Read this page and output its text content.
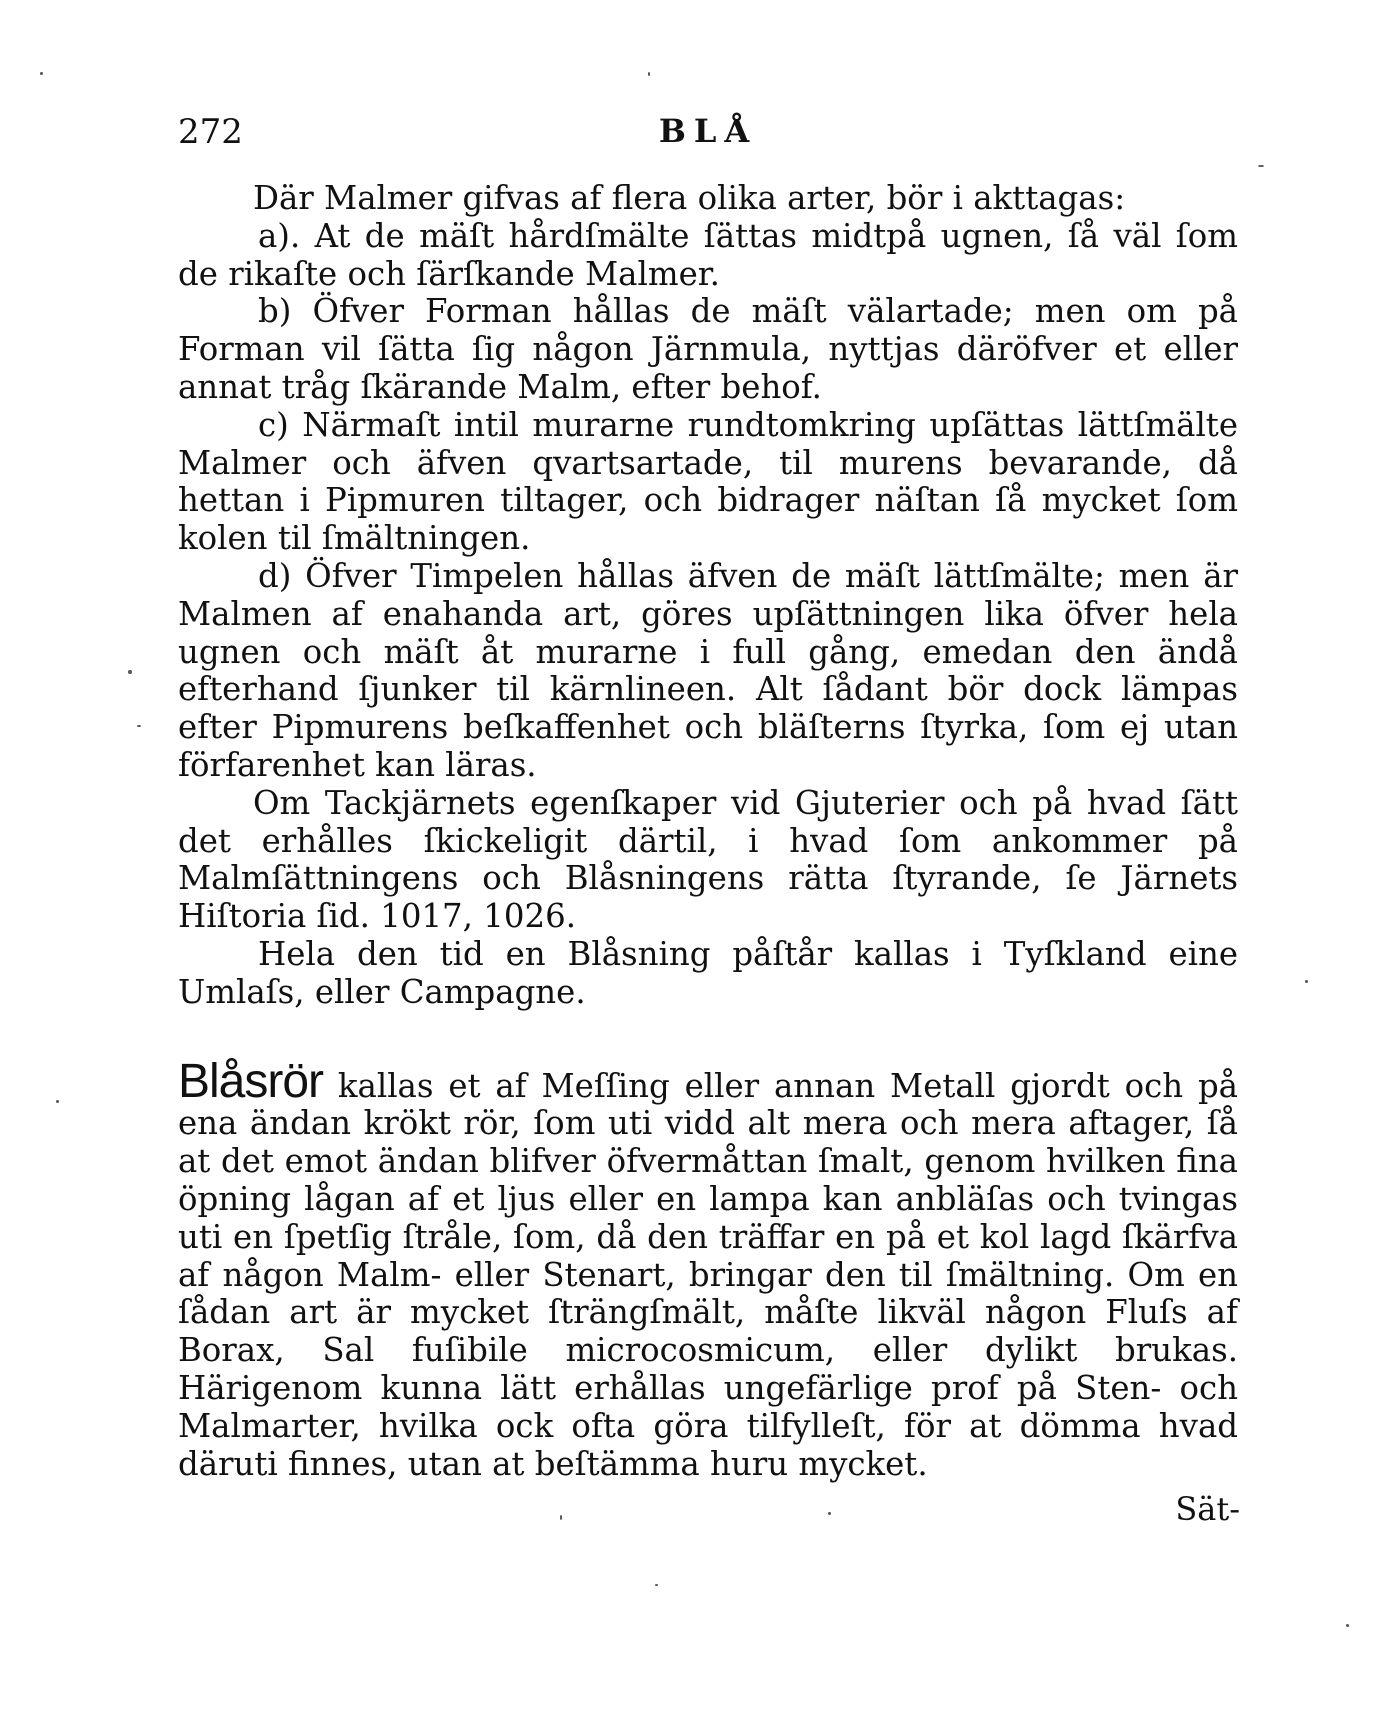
272	BLÅ

Där Malmer gifvas af flera olika arter, bör i akttagas:

a). At de mäſt hårdſmälte ſättas midtpå ugnen, ſå väl ſom de rikaſte och ſärſkande Malmer.

b) Öfver Forman hållas de mäſt välartade; men om på Forman vil ſätta ſig någon Järnmula, nyttjas däröfver et eller annat tråg ſkärande Malm, efter behof.

c) Närmaſt intil murarne rundtomkring upſättas lättſmälte Malmer och äfven qvartsartade, til murens bevarande, då hettan i Pipmuren tiltager, och bidrager näſtan ſå mycket ſom kolen til ſmältningen.

d) Öfver Timpelen hållas äfven de mäſt lättſmälte; men är Malmen af enahanda art, göres upſättningen lika öfver hela ugnen och mäſt åt murarne i full gång, emedan den ändå efterhand ſjunker til kärnlineen. Alt ſådant bör dock lämpas efter Pipmurens beſkaffenhet och bläſterns ſtyrka, ſom ej utan förfarenhet kan läras.

Om Tackjärnets egenſkaper vid Gjuterier och på hvad ſätt det erhålles ſkickeligit därtil, i hvad ſom ankommer på Malmſättningens och Blåsningens rätta ſtyrande, ſe Järnets Hiſtoria ſid. 1017, 1026.

Hela den tid en Blåsning påſtår kallas i Tyſkland eine Umlaſs, eller Campagne.

Blåsrör kallas et af Meſſing eller annan Metall gjordt och på ena ändan krökt rör, ſom uti vidd alt mera och mera aftager, ſå at det emot ändan blifver öfvermåttan ſmalt, genom hvilken fina öpning lågan af et ljus eller en lampa kan anbläſas och tvingas uti en ſpetſig ſtråle, ſom, då den träffar en på et kol lagd ſkärfva af någon Malm- eller Stenart, bringar den til ſmältning. Om en ſådan art är mycket ſträngſmält, måſte likväl någon Fluſs af Borax, Sal fuſibile microcosmicum, eller dylikt brukas. Härigenom kunna lätt erhållas ungefärlige prof på Sten- och Malmarter, hvilka ock ofta göra tilfylleſt, för at dömma hvad däruti finnes, utan at beſtämma huru mycket.

Sät-
